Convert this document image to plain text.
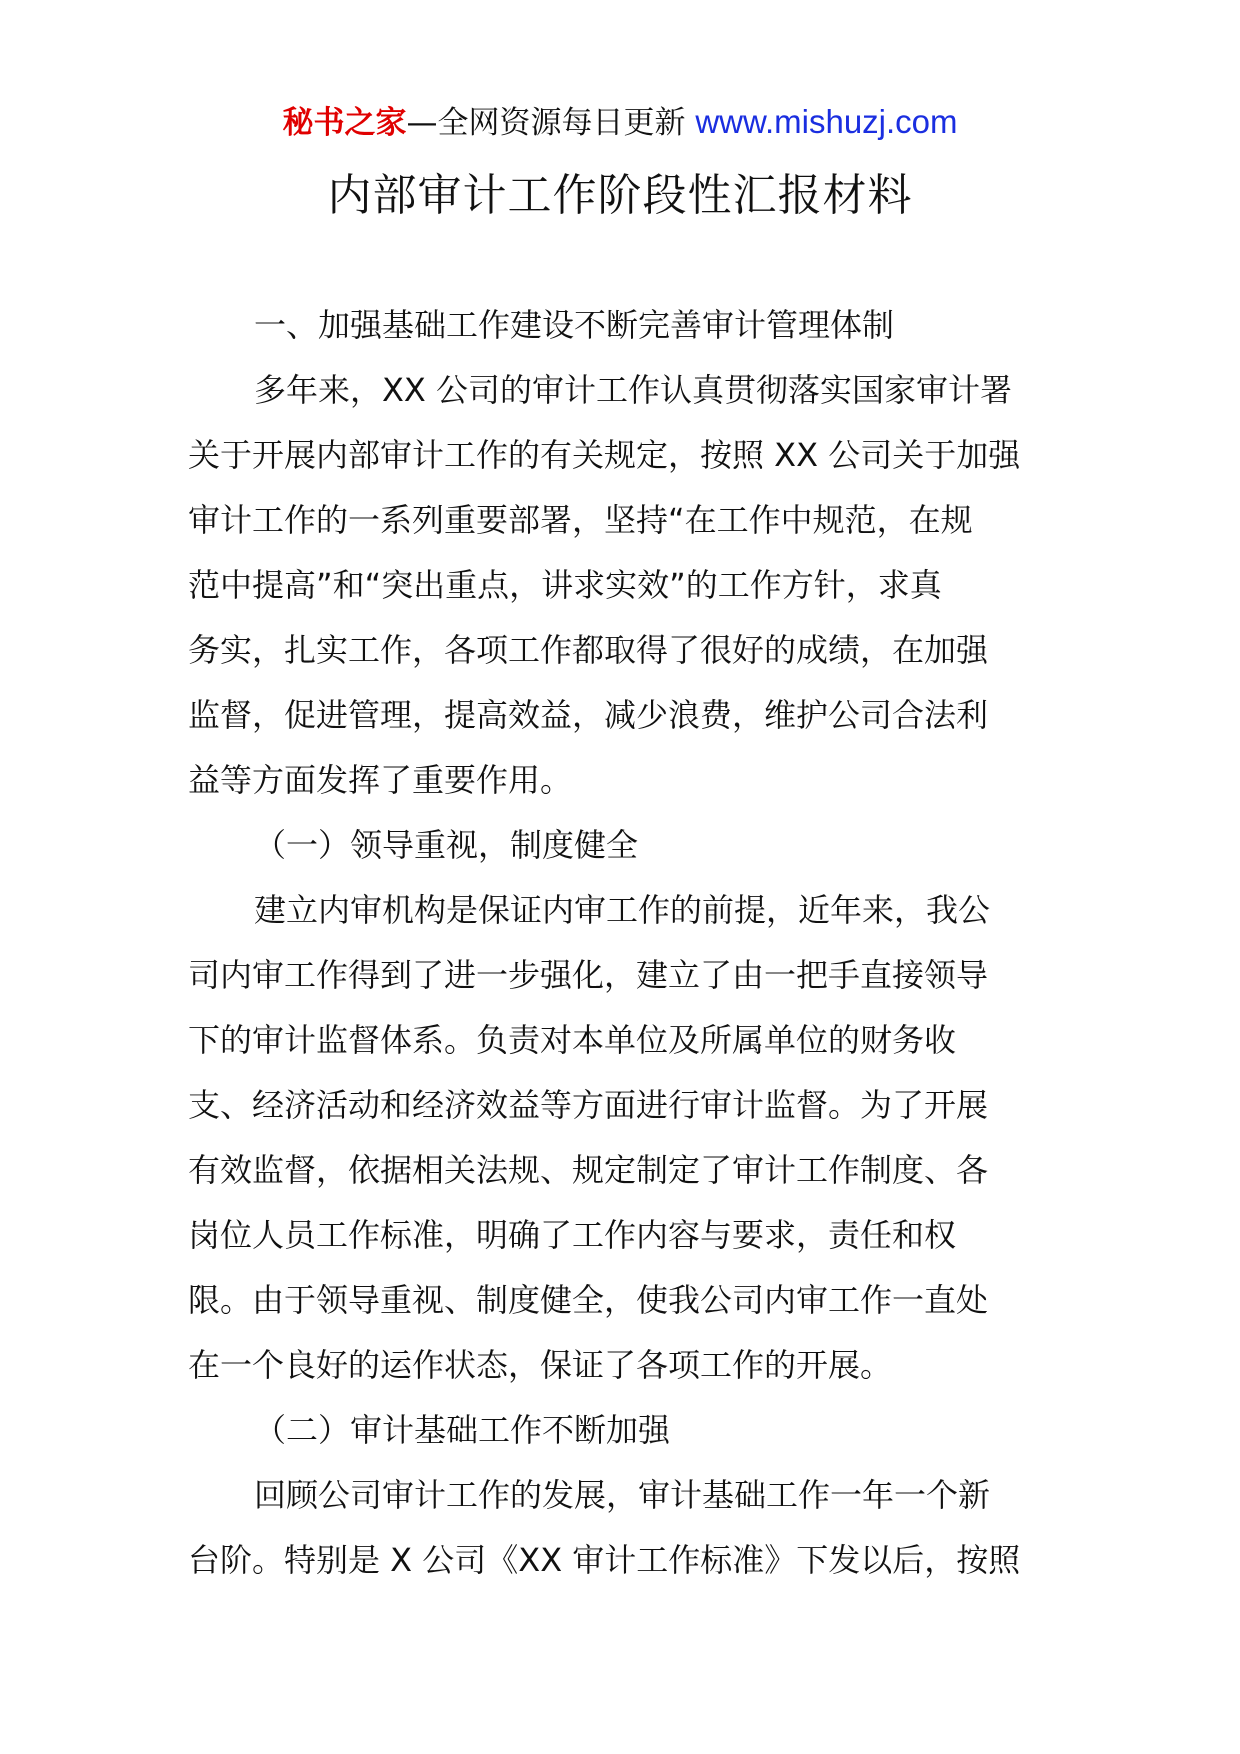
秘书之家—全网资源每日更新 www.mishuzj.com
内部审计工作阶段性汇报材料
一、加强基础工作建设不断完善审计管理体制
多年来，XX 公司的审计工作认真贯彻落实国家审计署
关于开展内部审计工作的有关规定，按照 XX 公司关于加强
审计工作的一系列重要部署，坚持“在工作中规范，在规
范中提高”和“突出重点，讲求实效”的工作方针，求真
务实，扎实工作，各项工作都取得了很好的成绩，在加强
监督，促进管理，提高效益，减少浪费，维护公司合法利
益等方面发挥了重要作用。
（一）领导重视，制度健全
建立内审机构是保证内审工作的前提，近年来，我公
司内审工作得到了进一步强化，建立了由一把手直接领导
下的审计监督体系。负责对本单位及所属单位的财务收
支、经济活动和经济效益等方面进行审计监督。为了开展
有效监督，依据相关法规、规定制定了审计工作制度、各
岗位人员工作标准，明确了工作内容与要求，责任和权
限。由于领导重视、制度健全，使我公司内审工作一直处
在一个良好的运作状态，保证了各项工作的开展。
（二）审计基础工作不断加强
回顾公司审计工作的发展，审计基础工作一年一个新
台阶。特别是 X 公司《XX 审计工作标准》下发以后，按照
